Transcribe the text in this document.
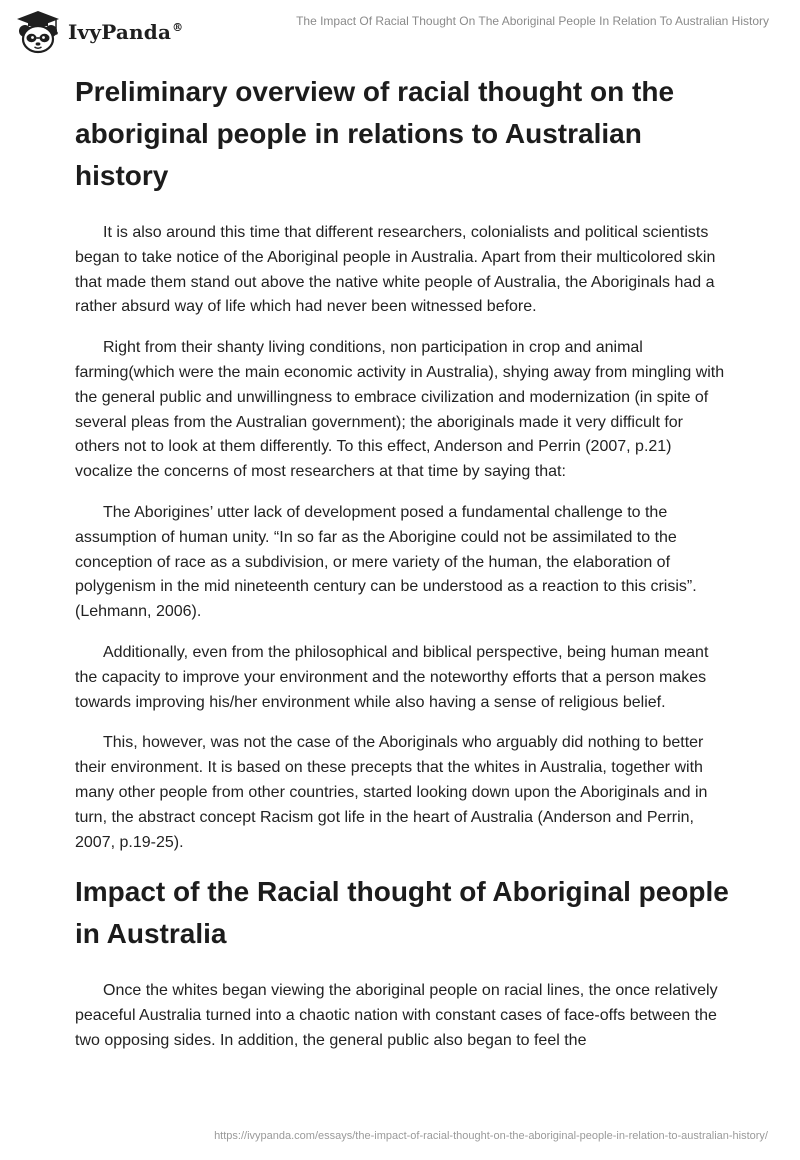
IvyPanda®	The Impact Of Racial Thought On The Aboriginal People In Relation To Australian History
Preliminary overview of racial thought on the aboriginal people in relations to Australian history

It is also around this time that different researchers, colonialists and political scientists began to take notice of the Aboriginal people in Australia. Apart from their multicolored skin that made them stand out above the native white people of Australia, the Aboriginals had a rather absurd way of life which had never been witnessed before.

Right from their shanty living conditions, non participation in crop and animal farming(which were the main economic activity in Australia), shying away from mingling with the general public and unwillingness to embrace civilization and modernization (in spite of several pleas from the Australian government); the aboriginals made it very difficult for others not to look at them differently. To this effect, Anderson and Perrin (2007, p.21) vocalize the concerns of most researchers at that time by saying that:

The Aborigines’ utter lack of development posed a fundamental challenge to the assumption of human unity. “In so far as the Aborigine could not be assimilated to the conception of race as a subdivision, or mere variety of the human, the elaboration of polygenism in the mid nineteenth century can be understood as a reaction to this crisis”. (Lehmann, 2006).

Additionally, even from the philosophical and biblical perspective, being human meant the capacity to improve your environment and the noteworthy efforts that a person makes towards improving his/her environment while also having a sense of religious belief.

This, however, was not the case of the Aboriginals who arguably did nothing to better their environment. It is based on these precepts that the whites in Australia, together with many other people from other countries, started looking down upon the Aboriginals and in turn, the abstract concept Racism got life in the heart of Australia (Anderson and Perrin, 2007, p.19-25).

Impact of the Racial thought of Aboriginal people in Australia

Once the whites began viewing the aboriginal people on racial lines, the once relatively peaceful Australia turned into a chaotic nation with constant cases of face-offs between the two opposing sides. In addition, the general public also began to feel the

https://ivypanda.com/essays/the-impact-of-racial-thought-on-the-aboriginal-people-in-relation-to-australian-history/
